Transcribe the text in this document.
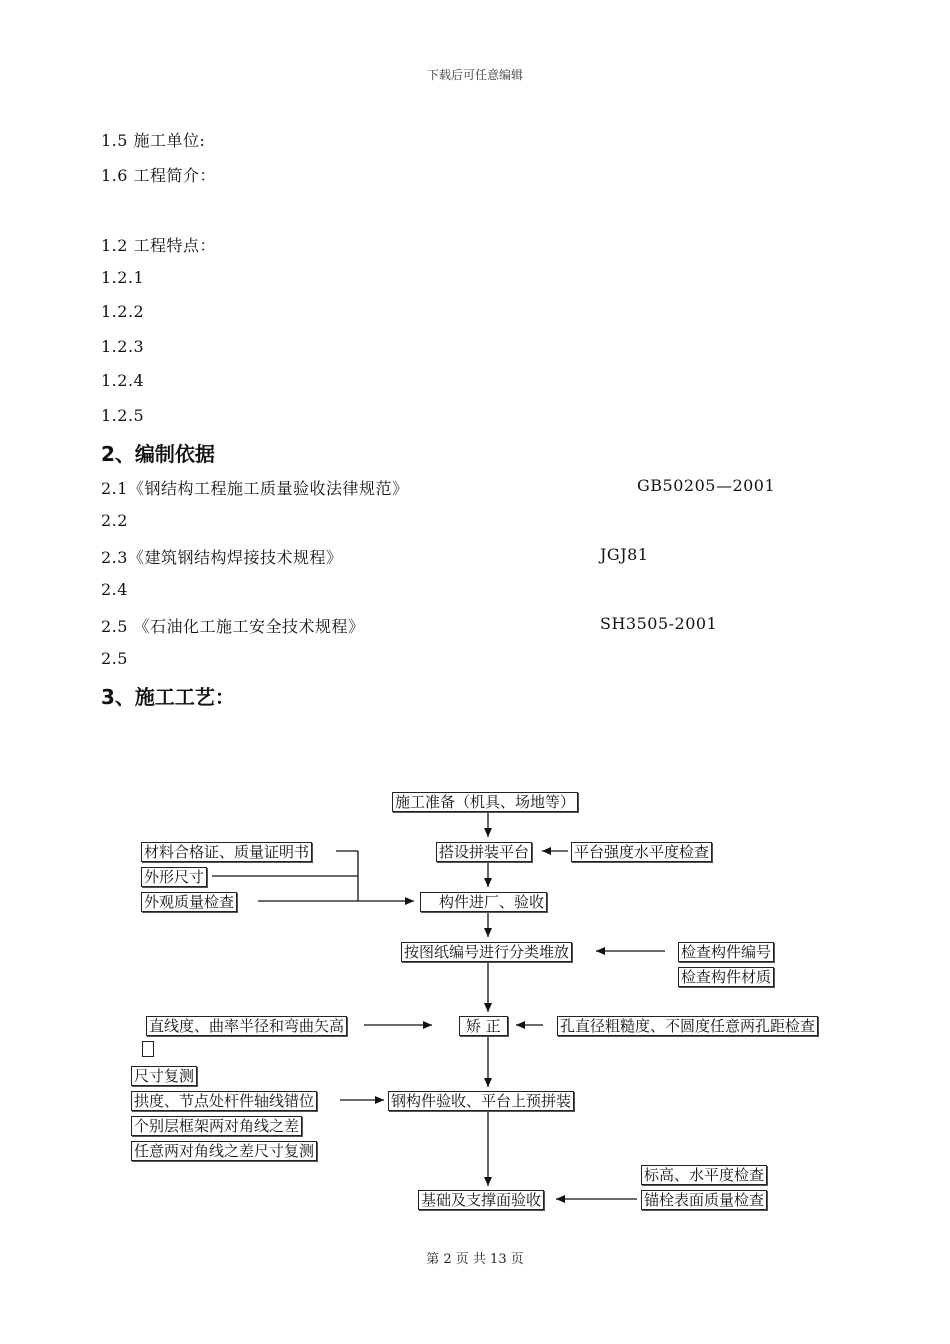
下载后可任意编辑
1.5 施工单位:
1.6 工程简介：
1.2 工程特点：
1.2.1
1.2.2
1.2.3
1.2.4
1.2.5
2、编制依据
2.1《钢结构工程施工质量验收法律规范》	GB50205—2001
2.2
2.3《建筑钢结构焊接技术规程》	JGJ81
2.4
2.5 《石油化工施工安全技术规程》	SH3505-2001
2.5
3、施工工艺：
施工准备（机具、场地等）
搭设拼装平台	平台强度水平度检查
材料合格证、质量证明书
外形尺寸
外观质量检查	构件进厂、验收
按图纸编号进行分类堆放	检查构件编号
检查构件材质
直线度、曲率半径和弯曲矢高	矫 正	孔直径粗糙度、不圆度任意两孔距检查
尺寸复测
拱度、节点处杆件轴线错位	钢构件验收、平台上预拼装
个别层框架两对角线之差
任意两对角线之差尺寸复测
标高、水平度检查
锚栓表面质量检查
基础及支撑面验收
第 2 页 共 13 页
